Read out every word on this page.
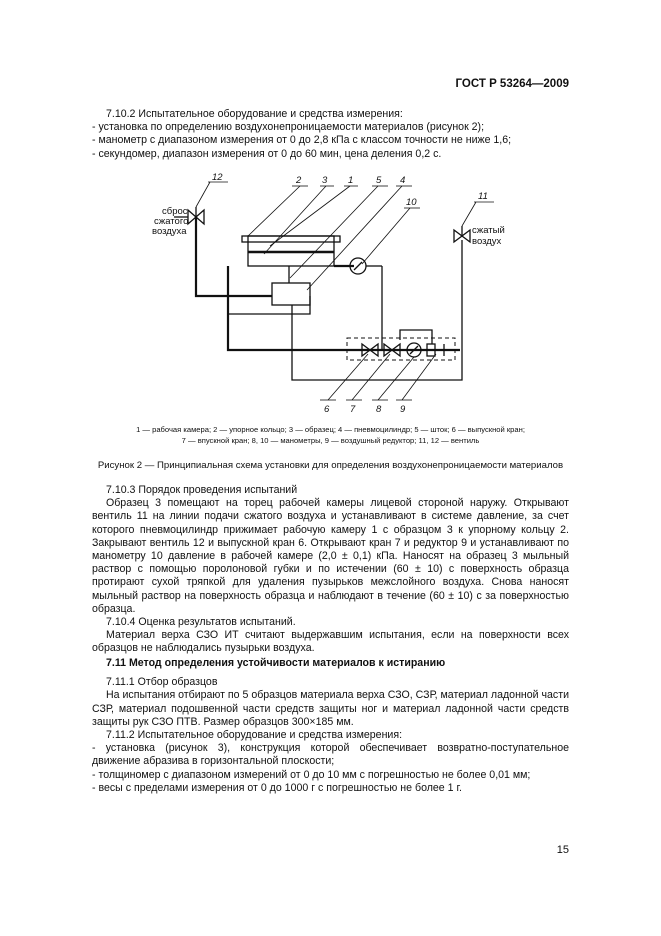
ГОСТ Р 53264—2009

7.10.2 Испытательное оборудование и средства измерения:

- установка по определению воздухонепроницаемости материалов (рисунок 2);

- манометр с диапазоном измерения от 0 до 2,8 кПа с классом точности не ниже 1,6;

- секундомер, диапазон измерения от 0 до 60 мин, цена деления 0,2 с.

2 3 1 5 4
10
12
11
6 7 8 9
сброс
сжатого
воздуха	сжатый
воздух
1 — рабочая камера; 2 — упорное кольцо; 3 — образец; 4 — пневмоцилиндр; 5 — шток; 6 — выпускной кран;
7 — впускной кран; 8, 10 — манометры, 9 — воздушный редуктор; 11, 12 — вентиль
Рисунок 2 — Принципиальная схема установки для определения воздухонепроницаемости материалов

7.10.3 Порядок проведения испытаний

Образец 3 помещают на торец рабочей камеры лицевой стороной наружу. Открывают вентиль 11 на линии подачи сжатого воздуха и устанавливают в системе давление, за счет которого пневмоцилиндр прижимает рабочую камеру 1 с образцом 3 к упорному кольцу 2. Закрывают вентиль 12 и выпускной кран 6. Открывают кран 7 и редуктор 9 и устанавливают по манометру 10 давление в рабочей камере (2,0 ± 0,1) кПа. Наносят на образец 3 мыльный раствор с помощью поролоновой губки и по истечении (60 ± 10) с поверхность образца протирают сухой тряпкой для удаления пузырьков межслойного воздуха. Снова наносят мыльный раствор на поверхность образца и наблюдают в течение (60 ± 10) с за поверхностью образца.

7.10.4 Оценка результатов испытаний.

Материал верха СЗО ИТ считают выдержавшим испытания, если на поверхности всех образцов не наблюдались пузырьки воздуха.

7.11 Метод определения устойчивости материалов к истиранию

7.11.1 Отбор образцов

На испытания отбирают по 5 образцов материала верха СЗО, СЗР, материал ладонной части СЗР, материал подошвенной части средств защиты ног и материал ладонной части средств защиты рук СЗО ПТВ. Размер образцов 300×185 мм.

7.11.2 Испытательное оборудование и средства измерения:

- установка (рисунок 3), конструкция которой обеспечивает возвратно-поступательное движение абразива в горизонтальной плоскости;

- толщиномер с диапазоном измерений от 0 до 10 мм с погрешностью не более 0,01 мм;

- весы с пределами измерения от 0 до 1000 г с погрешностью не более 1 г.

15
